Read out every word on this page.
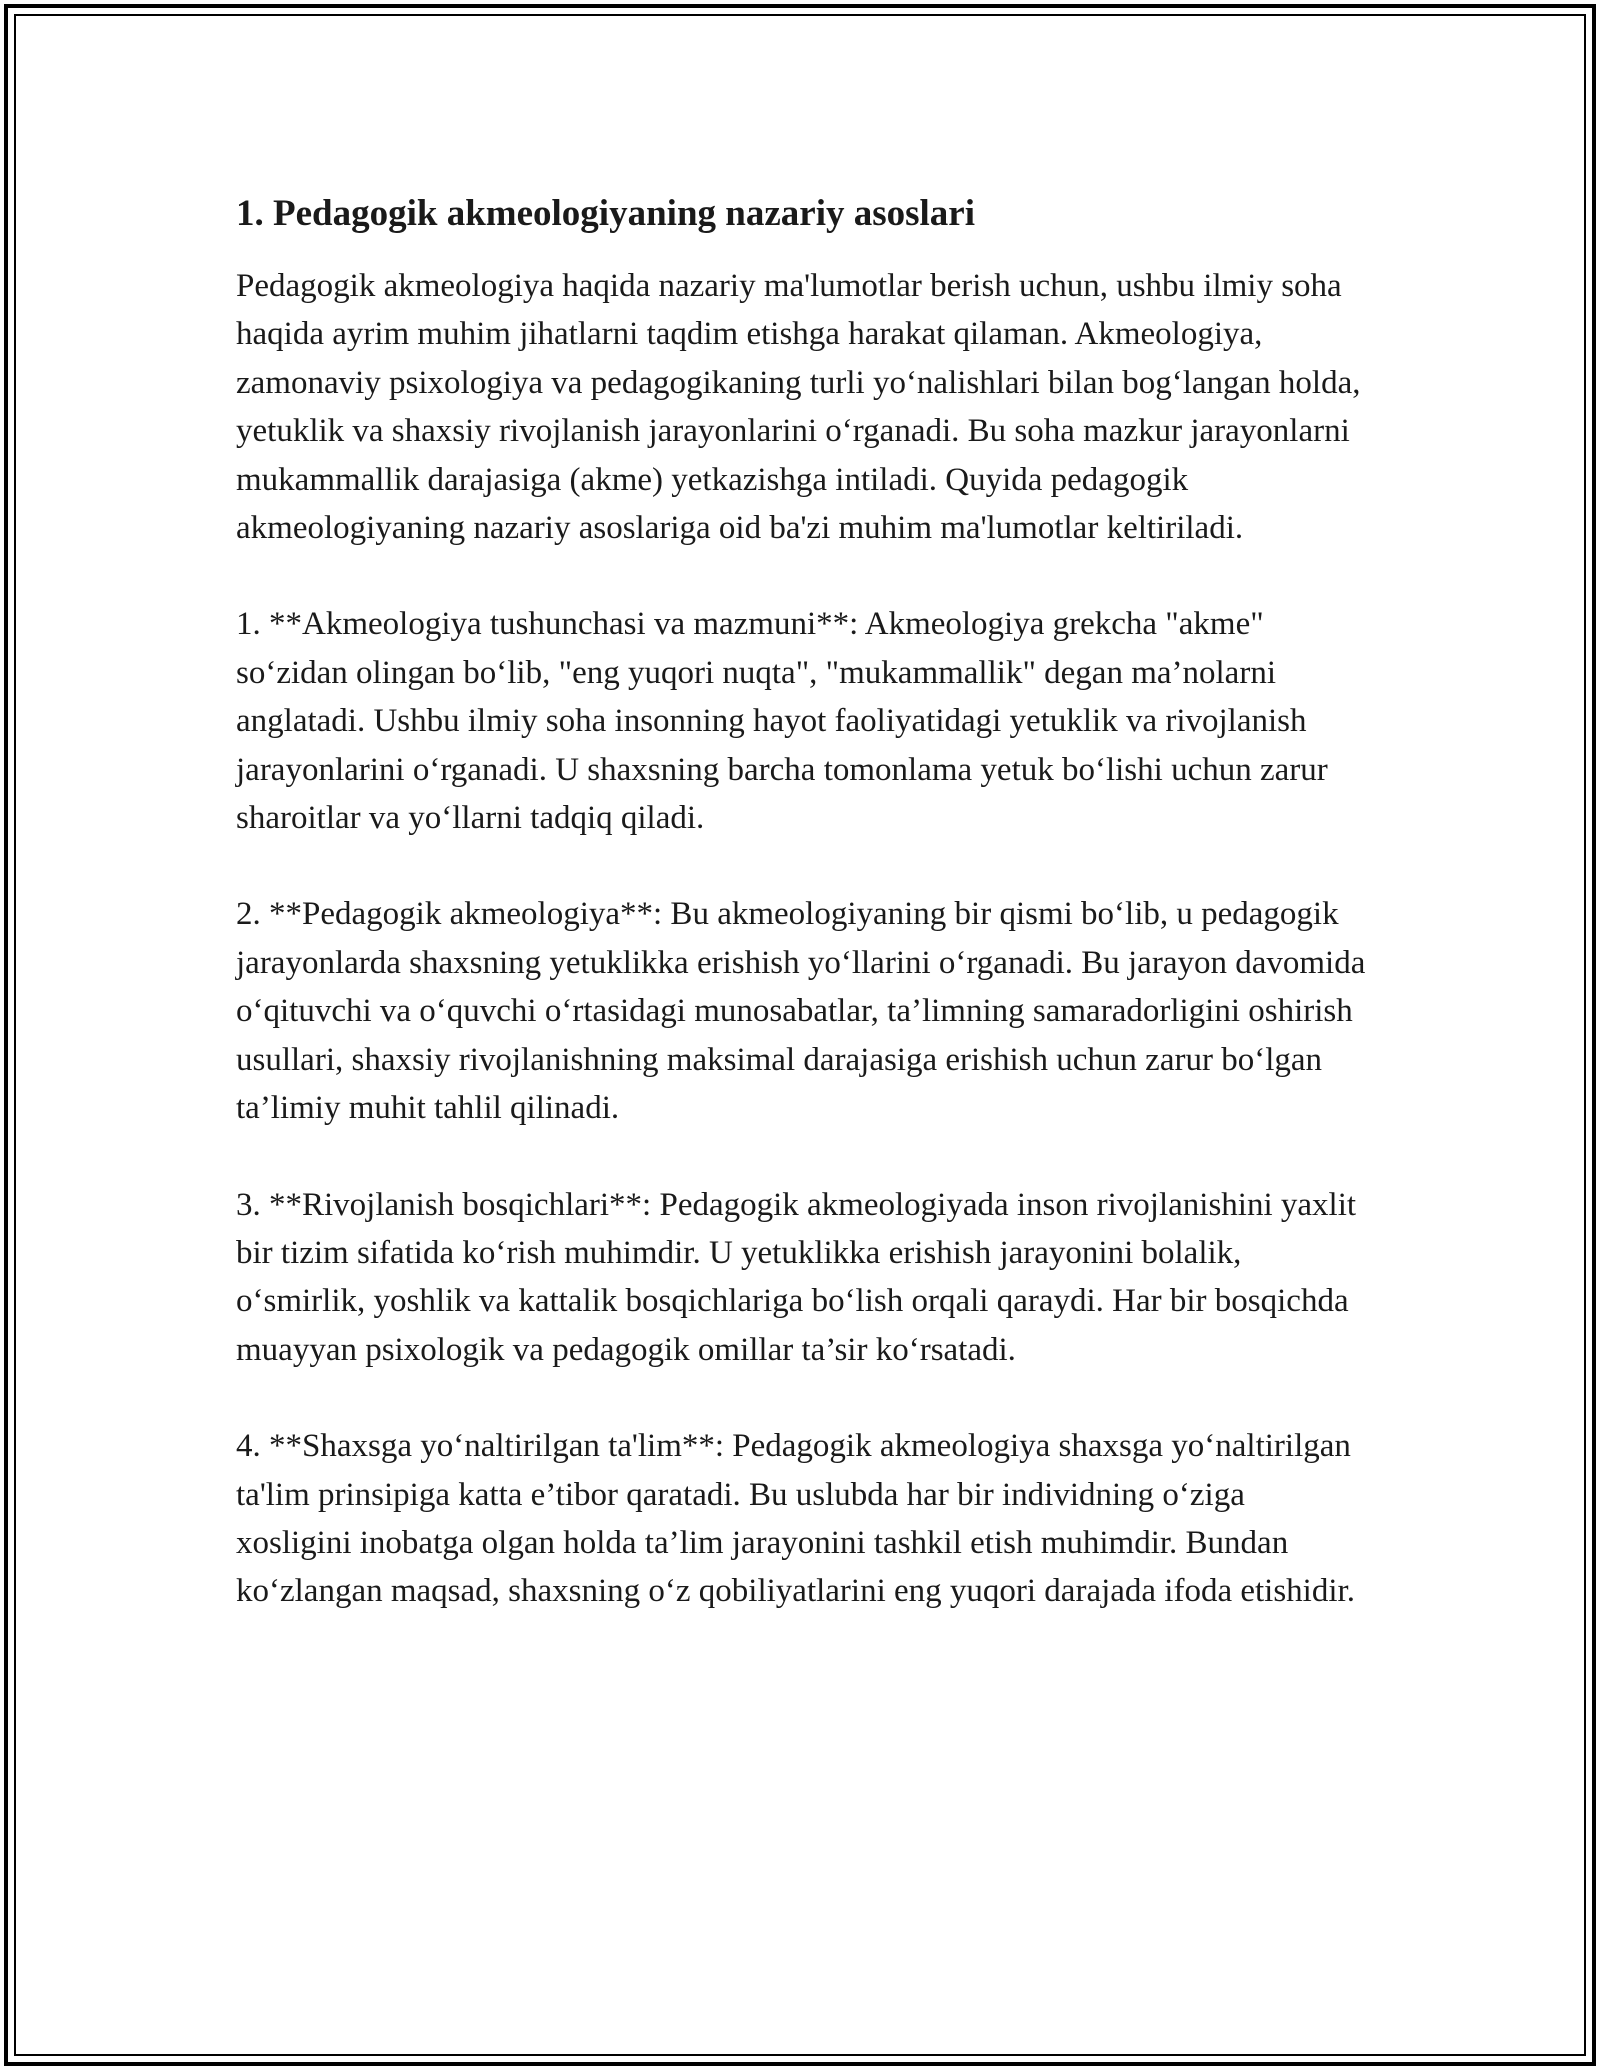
1. Pedagogik akmeologiyaning nazariy asoslari

Pedagogik akmeologiya haqida nazariy ma'lumotlar berish uchun, ushbu ilmiy soha haqida ayrim muhim jihatlarni taqdim etishga harakat qilaman. Akmeologiya, zamonaviy psixologiya va pedagogikaning turli yoʻnalishlari bilan bogʻlangan holda, yetuklik va shaxsiy rivojlanish jarayonlarini oʻrganadi. Bu soha mazkur jarayonlarni mukammallik darajasiga (akme) yetkazishga intiladi. Quyida pedagogik akmeologiyaning nazariy asoslariga oid ba'zi muhim ma'lumotlar keltiriladi.

1. **Akmeologiya tushunchasi va mazmuni**: Akmeologiya grekcha "akme" soʻzidan olingan boʻlib, "eng yuqori nuqta", "mukammallik" degan ma’nolarni anglatadi. Ushbu ilmiy soha insonning hayot faoliyatidagi yetuklik va rivojlanish jarayonlarini oʻrganadi. U shaxsning barcha tomonlama yetuk boʻlishi uchun zarur sharoitlar va yoʻllarni tadqiq qiladi.

2. **Pedagogik akmeologiya**: Bu akmeologiyaning bir qismi boʻlib, u pedagogik jarayonlarda shaxsning yetuklikka erishish yoʻllarini oʻrganadi. Bu jarayon davomida oʻqituvchi va oʻquvchi oʻrtasidagi munosabatlar, ta’limning samaradorligini oshirish usullari, shaxsiy rivojlanishning maksimal darajasiga erishish uchun zarur boʻlgan ta’limiy muhit tahlil qilinadi.

3. **Rivojlanish bosqichlari**: Pedagogik akmeologiyada inson rivojlanishini yaxlit bir tizim sifatida koʻrish muhimdir. U yetuklikka erishish jarayonini bolalik, oʻsmirlik, yoshlik va kattalik bosqichlariga boʻlish orqali qaraydi. Har bir bosqichda muayyan psixologik va pedagogik omillar ta’sir koʻrsatadi.

4. **Shaxsga yoʻnaltirilgan ta'lim**: Pedagogik akmeologiya shaxsga yoʻnaltirilgan ta'lim prinsipiga katta e’tibor qaratadi. Bu uslubda har bir individning oʻziga xosligini inobatga olgan holda ta’lim jarayonini tashkil etish muhimdir. Bundan koʻzlangan maqsad, shaxsning oʻz qobiliyatlarini eng yuqori darajada ifoda etishidir.
